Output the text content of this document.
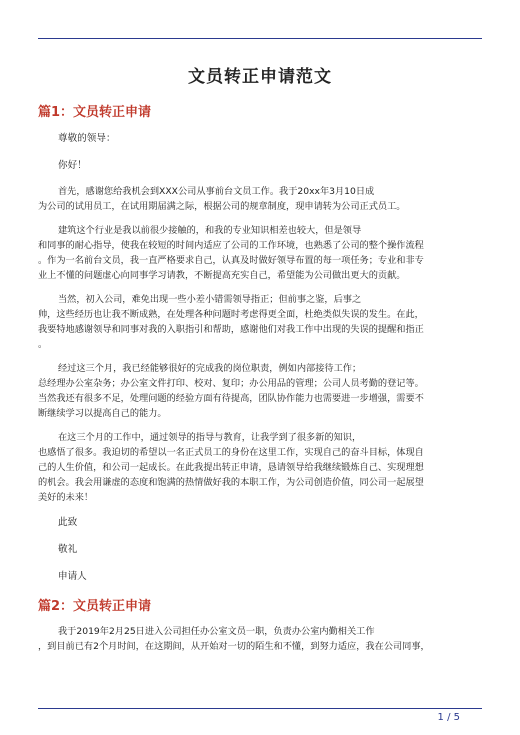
文员转正申请范文
篇1：文员转正申请
尊敬的领导：
你好！
首先，感谢您给我机会到XXX公司从事前台文员工作。我于20xx年3月10日成
为公司的试用员工，在试用期届满之际，根据公司的规章制度，现申请转为公司正式员工。
建筑这个行业是我以前很少接触的，和我的专业知识相差也较大，但是领导
和同事的耐心指导，使我在较短的时间内适应了公司的工作环境，也熟悉了公司的整个操作流程
。作为一名前台文员，我一直严格要求自己，认真及时做好领导布置的每一项任务；专业和非专
业上不懂的问题虚心向同事学习请教，不断提高充实自己，希望能为公司做出更大的贡献。
当然，初入公司，难免出现一些小差小错需领导指正；但前事之鉴，后事之
帅，这些经历也让我不断成熟，在处理各种问题时考虑得更全面，杜绝类似失误的发生。在此，
我要特地感谢领导和同事对我的入职指引和帮助，感谢他们对我工作中出现的失误的提醒和指正
。
经过这三个月，我已经能够很好的完成我的岗位职责，例如内部接待工作；
总经理办公室杂务；办公室文件打印、校对、复印；办公用品的管理；公司人员考勤的登记等。
当然我还有很多不足，处理问题的经验方面有待提高，团队协作能力也需要进一步增强，需要不
断继续学习以提高自己的能力。
在这三个月的工作中，通过领导的指导与教育，让我学到了很多新的知识，
也感悟了很多。我迫切的希望以一名正式员工的身份在这里工作，实现自己的奋斗目标，体现自
己的人生价值，和公司一起成长。在此我提出转正申请，恳请领导给我继续锻炼自己、实现理想
的机会。我会用谦虚的态度和饱满的热情做好我的本职工作，为公司创造价值，同公司一起展望
美好的未来！
此致
敬礼
申请人
篇2：文员转正申请
我于2019年2月25日进入公司担任办公室文员一职，负责办公室内勤相关工作
，到目前已有2个月时间，在这期间，从开始对一切的陌生和不懂，到努力适应，我在公司同事，
1 / 5
